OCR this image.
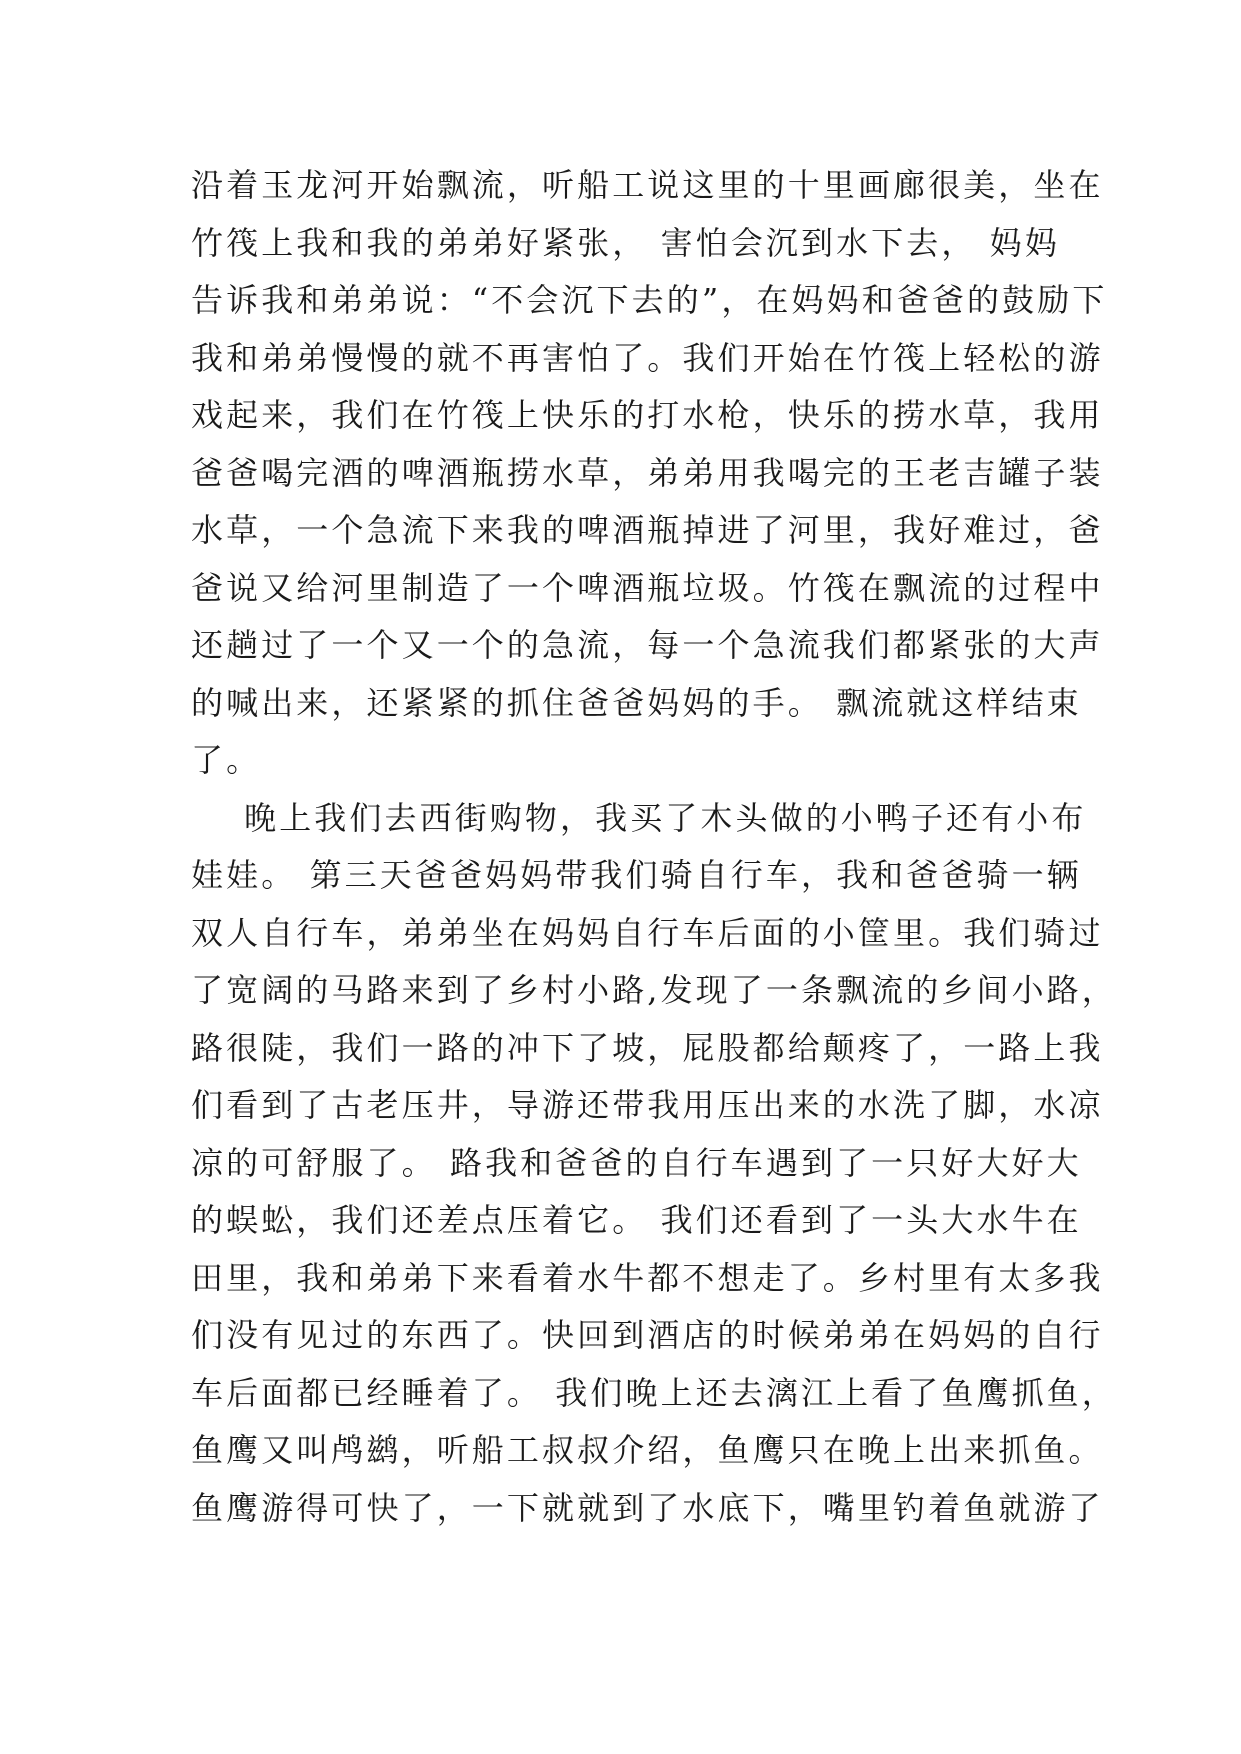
沿着玉龙河开始飘流，听船工说这里的十里画廊很美，坐在
竹筏上我和我的弟弟好紧张， 害怕会沉到水下去， 妈妈
告诉我和弟弟说：“不会沉下去的”，在妈妈和爸爸的鼓励下
我和弟弟慢慢的就不再害怕了。我们开始在竹筏上轻松的游
戏起来，我们在竹筏上快乐的打水枪，快乐的捞水草，我用
爸爸喝完酒的啤酒瓶捞水草，弟弟用我喝完的王老吉罐子装
水草，一个急流下来我的啤酒瓶掉进了河里，我好难过，爸
爸说又给河里制造了一个啤酒瓶垃圾。竹筏在飘流的过程中
还趟过了一个又一个的急流，每一个急流我们都紧张的大声
的喊出来，还紧紧的抓住爸爸妈妈的手。 飘流就这样结束
了。
晚上我们去西街购物，我买了木头做的小鸭子还有小布
娃娃。 第三天爸爸妈妈带我们骑自行车，我和爸爸骑一辆
双人自行车，弟弟坐在妈妈自行车后面的小筐里。我们骑过
了宽阔的马路来到了乡村小路,发现了一条飘流的乡间小路，
路很陡，我们一路的冲下了坡，屁股都给颠疼了，一路上我
们看到了古老压井，导游还带我用压出来的水洗了脚，水凉
凉的可舒服了。 路我和爸爸的自行车遇到了一只好大好大
的蜈蚣，我们还差点压着它。 我们还看到了一头大水牛在
田里，我和弟弟下来看着水牛都不想走了。乡村里有太多我
们没有见过的东西了。快回到酒店的时候弟弟在妈妈的自行
车后面都已经睡着了。 我们晚上还去漓江上看了鱼鹰抓鱼，
鱼鹰又叫鸬鹚，听船工叔叔介绍，鱼鹰只在晚上出来抓鱼。
鱼鹰游得可快了，一下就就到了水底下，嘴里钓着鱼就游了
